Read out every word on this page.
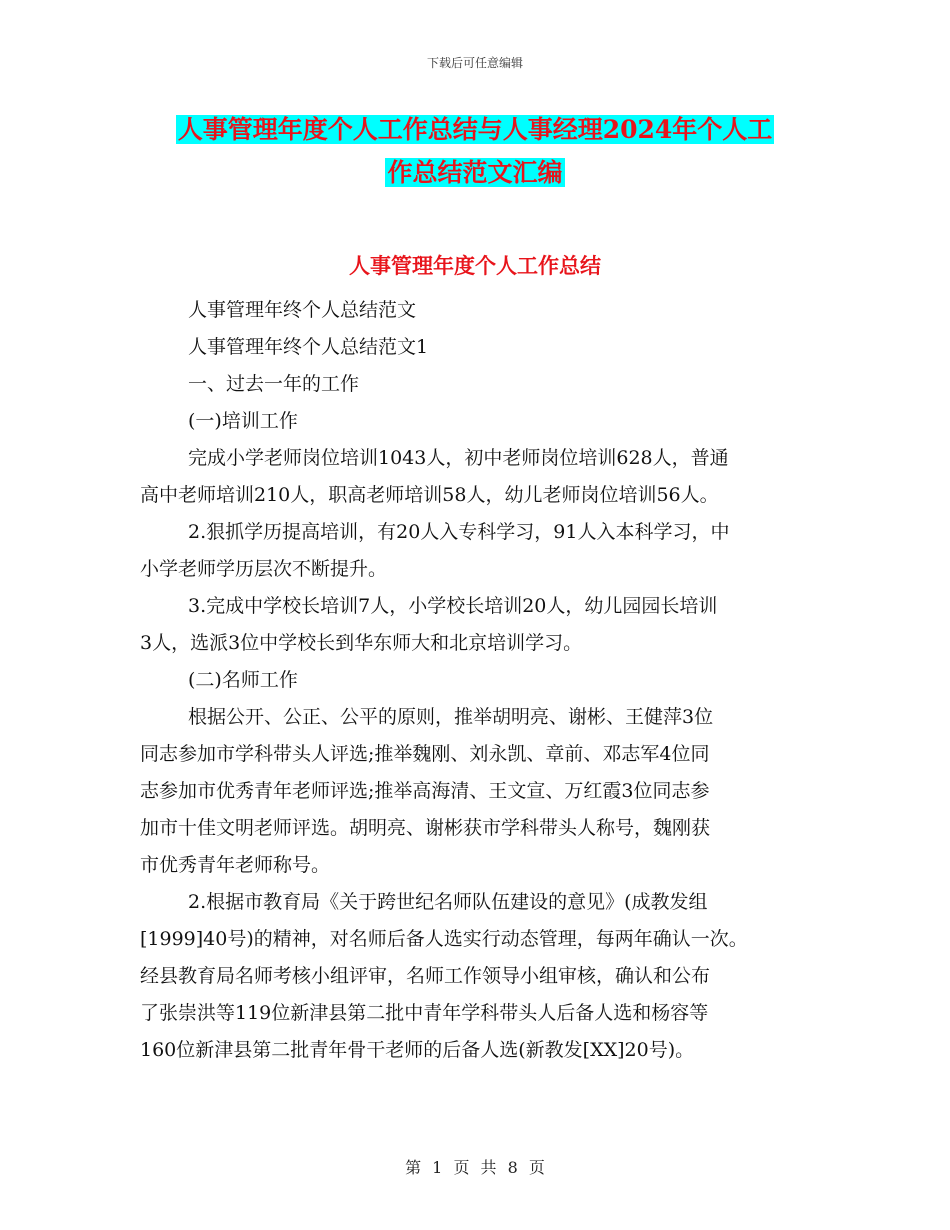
下载后可任意编辑
人事管理年度个人工作总结与人事经理2024年个人工
作总结范文汇编
人事管理年度个人工作总结
人事管理年终个人总结范文
人事管理年终个人总结范文1
一、过去一年的工作
(一)培训工作
完成小学老师岗位培训1043人，初中老师岗位培训628人，普通
高中老师培训210人，职高老师培训58人，幼儿老师岗位培训56人。
2.狠抓学历提高培训，有20人入专科学习，91人入本科学习，中
小学老师学历层次不断提升。
3.完成中学校长培训7人，小学校长培训20人，幼儿园园长培训
3人，选派3位中学校长到华东师大和北京培训学习。
(二)名师工作
根据公开、公正、公平的原则，推举胡明亮、谢彬、王健萍3位
同志参加市学科带头人评选;推举魏刚、刘永凯、章前、邓志军4位同
志参加市优秀青年老师评选;推举高海清、王文宣、万红霞3位同志参
加市十佳文明老师评选。胡明亮、谢彬获市学科带头人称号，魏刚获
市优秀青年老师称号。
2.根据市教育局《关于跨世纪名师队伍建设的意见》(成教发组
[1999]40号)的精神，对名师后备人选实行动态管理，每两年确认一次。
经县教育局名师考核小组评审，名师工作领导小组审核，确认和公布
了张崇洪等119位新津县第二批中青年学科带头人后备人选和杨容等
160位新津县第二批青年骨干老师的后备人选(新教发[XX]20号)。
第 1 页 共 8 页
